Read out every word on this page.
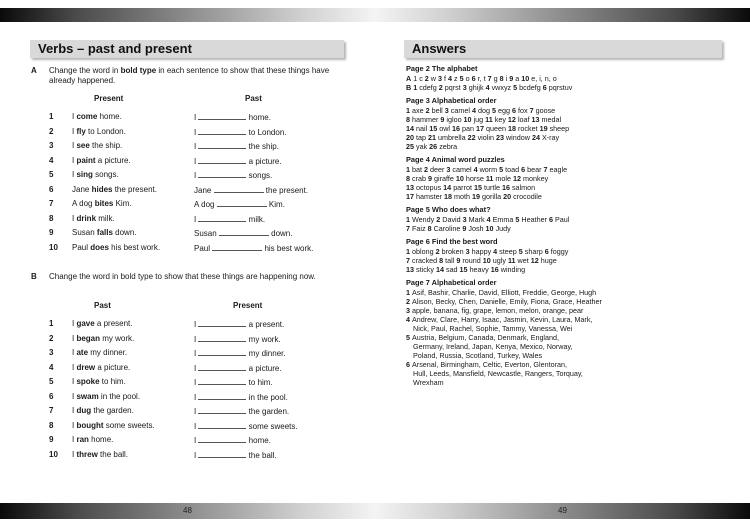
Verbs – past and present
A Change the word in bold type in each sentence to show that these things have already happened.
Present	Past
1	I come home.	I	home.
2	I fly to London.	I	to London.
3	I see the ship.	I	the ship.
4	I paint a picture.	I	a picture.
5	I sing songs.	I	songs.
6	Jane hides the present.	Jane	the present.
7	A dog bites Kim.	A dog	Kim.
8	I drink milk.	I	milk.
9	Susan falls down.	Susan	down.
10	Paul does his best work.	Paul	his best work.
B Change the word in bold type to show that these things are happening now.
Past	Present
1	I gave a present.	I	a present.
2	I began my work.	I	my work.
3	I ate my dinner.	I	my dinner.
4	I drew a picture.	I	a picture.
5	I spoke to him.	I	to him.
6	I swam in the pool.	I	in the pool.
7	I dug the garden.	I	the garden.
8	I bought some sweets.	I	some sweets.
9	I ran home.	I	home.
10	I threw the ball.	I	the ball.
Answers
Page 2 The alphabet
A 1 c 2 w 3 f 4 z 5 o 6 r, t 7 g 8 i 9 a 10 e, i, n, o
B 1 cdefg 2 pqrst 3 ghijk 4 vwxyz 5 bcdefg 6 pqrstuv
Page 3 Alphabetical order
1 axe 2 bell 3 camel 4 dog 5 egg 6 fox 7 goose
8 hammer 9 igloo 10 jug 11 key 12 loaf 13 medal
14 nail 15 owl 16 pan 17 queen 18 rocket 19 sheep
20 tap 21 umbrella 22 violin 23 window 24 X-ray
25 yak 26 zebra
Page 4 Animal word puzzles
1 bat 2 deer 3 camel 4 worm 5 toad 6 bear 7 eagle
8 crab 9 giraffe 10 horse 11 mole 12 monkey
13 octopus 14 parrot 15 turtle 16 salmon
17 hamster 18 moth 19 gorilla 20 crocodile
Page 5 Who does what?
1 Wendy 2 David 3 Mark 4 Emma 5 Heather 6 Paul
7 Faiz 8 Caroline 9 Josh 10 Judy
Page 6 Find the best word
1 oblong 2 broken 3 happy 4 steep 5 sharp 6 foggy
7 cracked 8 tall 9 round 10 ugly 11 wet 12 huge
13 sticky 14 sad 15 heavy 16 winding
Page 7 Alphabetical order
1 Asif, Bashir, Charlie, David, Elliott, Freddie, George, Hugh
2 Alison, Becky, Chen, Danielle, Emily, Fiona, Grace, Heather
3 apple, banana, fig, grape, lemon, melon, orange, pear
4 Andrew, Clare, Harry, Isaac, Jasmin, Kevin, Laura, Mark,
Nick, Paul, Rachel, Sophie, Tammy, Vanessa, Wei
5 Austria, Belgium, Canada, Denmark, England,
Germany, Ireland, Japan, Kenya, Mexico, Norway,
Poland, Russia, Scotland, Turkey, Wales
6 Arsenal, Birmingham, Celtic, Everton, Glentoran,
Hull, Leeds, Mansfield, Newcastle, Rangers, Torquay,
Wrexham
48	49
